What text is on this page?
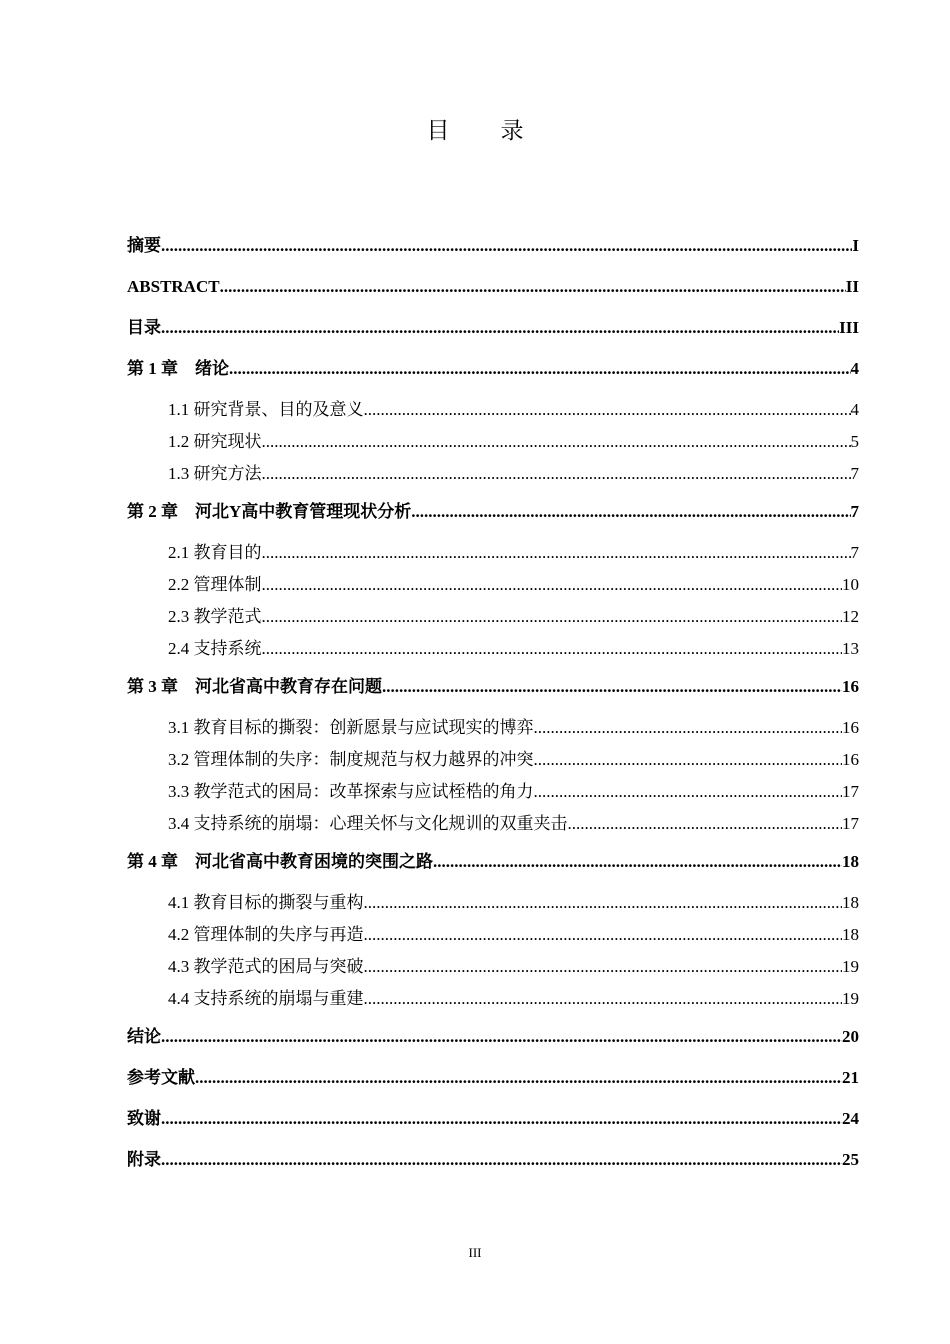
目　录
摘要 .....	I
ABSTRACT .....	II
目录 .....	III
第 1 章　绪论 .....	4
1.1 研究背景、目的及意义 .....	4
1.2 研究现状 .....	5
1.3 研究方法 .....	7
第 2 章　河北Y高中教育管理现状分析 .....	7
2.1 教育目的 .....	7
2.2 管理体制 .....	10
2.3 教学范式 .....	12
2.4 支持系统 .....	13
第 3 章　河北省高中教育存在问题 .....	16
3.1 教育目标的撕裂：创新愿景与应试现实的博弈 .....	16
3.2 管理体制的失序：制度规范与权力越界的冲突 .....	16
3.3 教学范式的困局：改革探索与应试桎梏的角力 .....	17
3.4 支持系统的崩塌：心理关怀与文化规训的双重夹击 .....	17
第 4 章　河北省高中教育困境的突围之路 .....	18
4.1 教育目标的撕裂与重构 .....	18
4.2 管理体制的失序与再造 .....	18
4.3 教学范式的困局与突破 .....	19
4.4 支持系统的崩塌与重建 .....	19
结论 .....	20
参考文献 .....	21
致谢 .....	24
附录 .....	25
III
